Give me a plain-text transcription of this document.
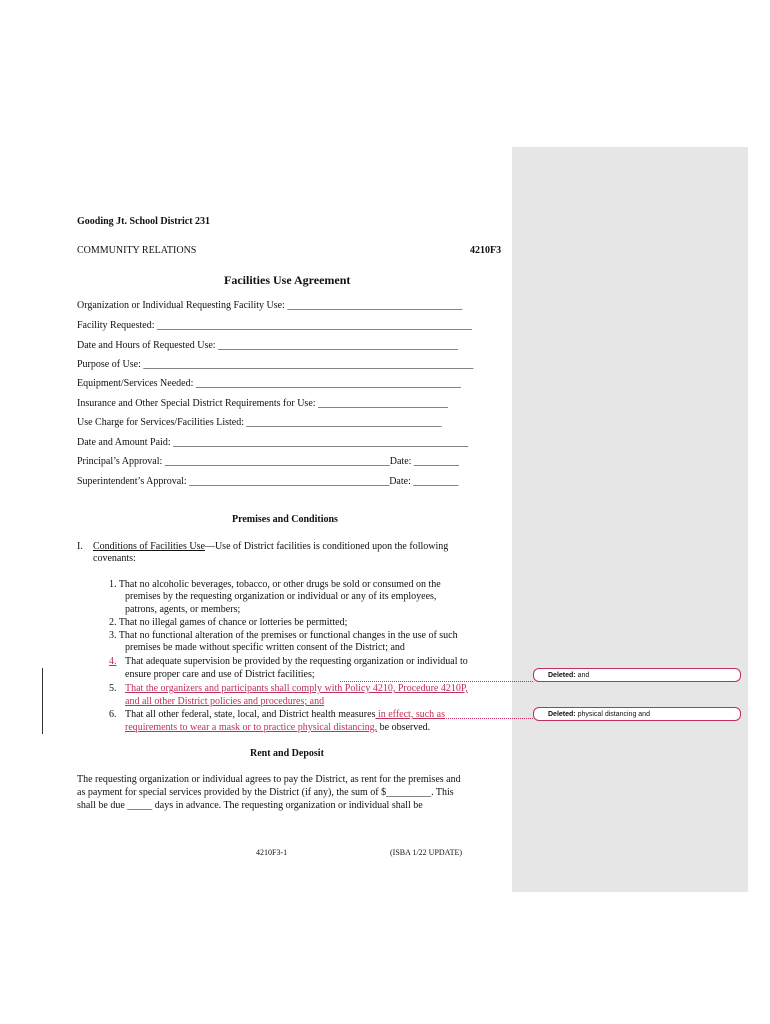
Deleted: and
Deleted: physical distancing and
Gooding Jt. School District 231
COMMUNITY RELATIONS	4210F3
Facilities Use Agreement
Organization or Individual Requesting Facility Use: ___________________________________
Facility Requested: _______________________________________________________________
Date and Hours of Requested Use: ________________________________________________
Purpose of Use: __________________________________________________________________
Equipment/Services Needed: _____________________________________________________
Insurance and Other Special District Requirements for Use: __________________________
Use Charge for Services/Facilities Listed: _______________________________________
Date and Amount Paid: ___________________________________________________________
Principal’s Approval: _____________________________________________Date: _________
Superintendent’s Approval: ________________________________________Date: _________
Premises and Conditions
I. Conditions of Facilities Use—Use of District facilities is conditioned upon the following
covenants:
1. That no alcoholic beverages, tobacco, or other drugs be sold or consumed on the
premises by the requesting organization or individual or any of its employees,
patrons, agents, or members;
2. That no illegal games of chance or lotteries be permitted;
3. That no functional alteration of the premises or functional changes in the use of such
premises be made without specific written consent of the District; and
4. That adequate supervision be provided by the requesting organization or individual to
ensure proper care and use of District facilities;
5. That the organizers and participants shall comply with Policy 4210, Procedure 4210P,
and all other District policies and procedures; and
6. That all other federal, state, local, and District health measures in effect, such as
requirements to wear a mask or to practice physical distancing, be observed.
Rent and Deposit
The requesting organization or individual agrees to pay the District, as rent for the premises and
as payment for special services provided by the District (if any), the sum of $_________. This
shall be due _____ days in advance. The requesting organization or individual shall be
4210F3-1	(ISBA 1/22 UPDATE)
